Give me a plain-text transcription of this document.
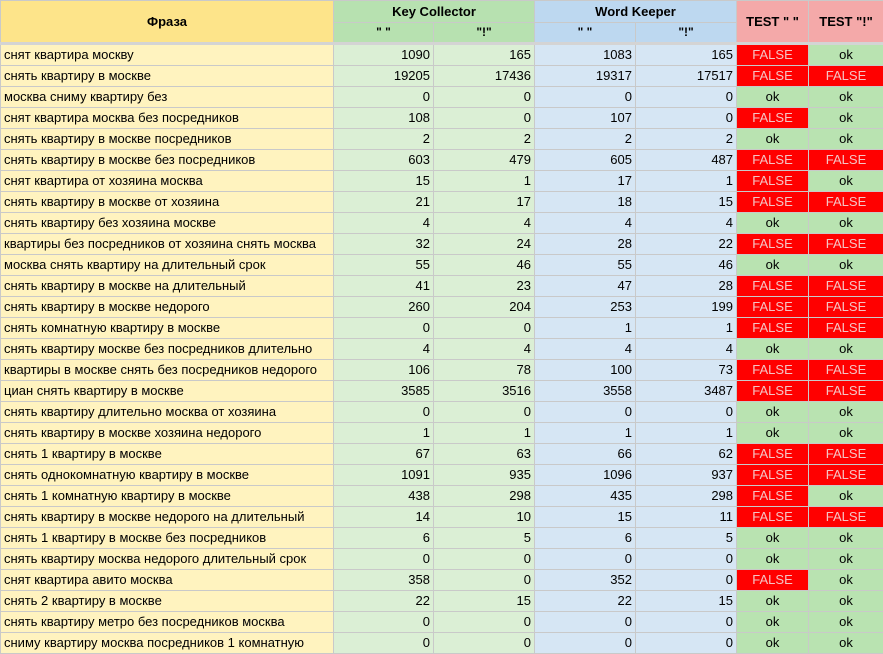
Фраза	Key Collector		Word Keeper		TEST " "	TEST "!"
	" "	"!"	" "	"!"		
снят квартира москву	1090	165	1083	165	FALSE	ok
снять квартиру в москве	19205	17436	19317	17517	FALSE	FALSE
москва сниму квартиру без	0	0	0	0	ok	ok
снят квартира москва без посредников	108	0	107	0	FALSE	ok
снять квартиру в москве посредников	2	2	2	2	ok	ok
снять квартиру в москве без посредников	603	479	605	487	FALSE	FALSE
снят квартира от хозяина москва	15	1	17	1	FALSE	ok
снять квартиру в москве от хозяина	21	17	18	15	FALSE	FALSE
снять квартиру без хозяина москве	4	4	4	4	ok	ok
квартиры без посредников от хозяина снять москва	32	24	28	22	FALSE	FALSE
москва снять квартиру на длительный срок	55	46	55	46	ok	ok
снять квартиру в москве на длительный	41	23	47	28	FALSE	FALSE
снять квартиру в москве недорого	260	204	253	199	FALSE	FALSE
снять комнатную квартиру в москве	0	0	1	1	FALSE	FALSE
снять квартиру москве без посредников длительно	4	4	4	4	ok	ok
квартиры в москве снять без посредников недорого	106	78	100	73	FALSE	FALSE
циан снять квартиру в москве	3585	3516	3558	3487	FALSE	FALSE
снять квартиру длительно москва от хозяина	0	0	0	0	ok	ok
снять квартиру в москве хозяина недорого	1	1	1	1	ok	ok
снять 1 квартиру в москве	67	63	66	62	FALSE	FALSE
снять однокомнатную квартиру в москве	1091	935	1096	937	FALSE	FALSE
снять 1 комнатную квартиру в москве	438	298	435	298	FALSE	ok
снять квартиру в москве недорого на длительный	14	10	15	11	FALSE	FALSE
снять 1 квартиру в москве без посредников	6	5	6	5	ok	ok
снять квартиру москва недорого длительный срок	0	0	0	0	ok	ok
снят квартира авито москва	358	0	352	0	FALSE	ok
снять 2 квартиру в москве	22	15	22	15	ok	ok
снять квартиру метро без посредников москва	0	0	0	0	ok	ok
сниму квартиру москва посредников 1 комнатную	0	0	0	0	ok	ok
